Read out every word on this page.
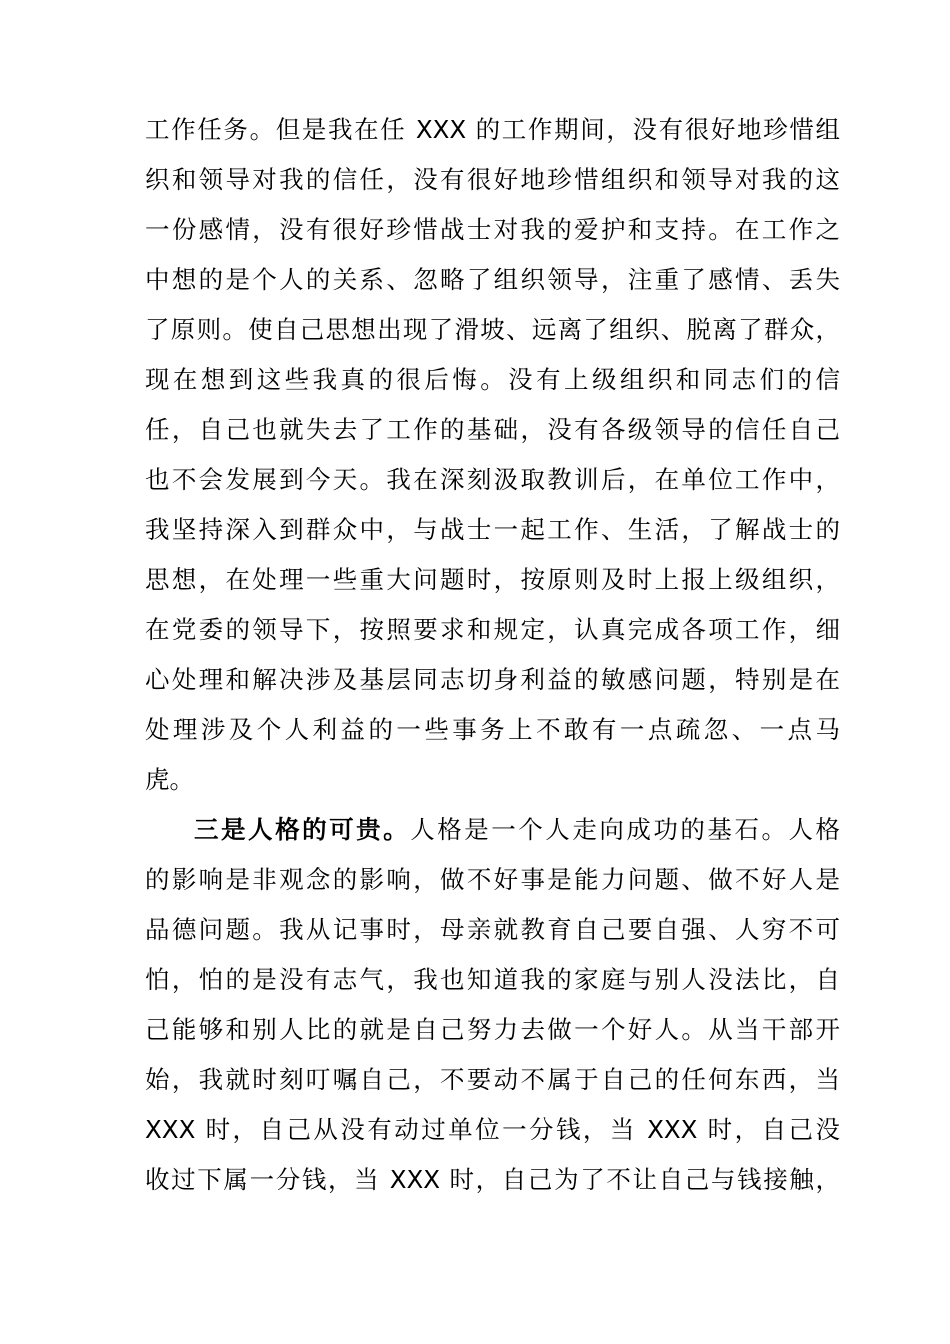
工作任务。但是我在任 XXX 的工作期间，没有很好地珍惜组

织和领导对我的信任，没有很好地珍惜组织和领导对我的这

一份感情，没有很好珍惜战士对我的爱护和支持。在工作之

中想的是个人的关系、忽略了组织领导，注重了感情、丢失

了原则。使自己思想出现了滑坡、远离了组织、脱离了群众，

现在想到这些我真的很后悔。没有上级组织和同志们的信

任，自己也就失去了工作的基础，没有各级领导的信任自己

也不会发展到今天。我在深刻汲取教训后，在单位工作中，

我坚持深入到群众中，与战士一起工作、生活，了解战士的

思想，在处理一些重大问题时，按原则及时上报上级组织，

在党委的领导下，按照要求和规定，认真完成各项工作，细

心处理和解决涉及基层同志切身利益的敏感问题，特别是在

处理涉及个人利益的一些事务上不敢有一点疏忽、一点马

虎。

三是人格的可贵。人格是一个人走向成功的基石。人格

的影响是非观念的影响，做不好事是能力问题、做不好人是

品德问题。我从记事时，母亲就教育自己要自强、人穷不可

怕，怕的是没有志气，我也知道我的家庭与别人没法比，自

己能够和别人比的就是自己努力去做一个好人。从当干部开

始，我就时刻叮嘱自己，不要动不属于自己的任何东西，当

XXX 时，自己从没有动过单位一分钱，当 XXX 时，自己没

收过下属一分钱，当 XXX 时，自己为了不让自己与钱接触，
